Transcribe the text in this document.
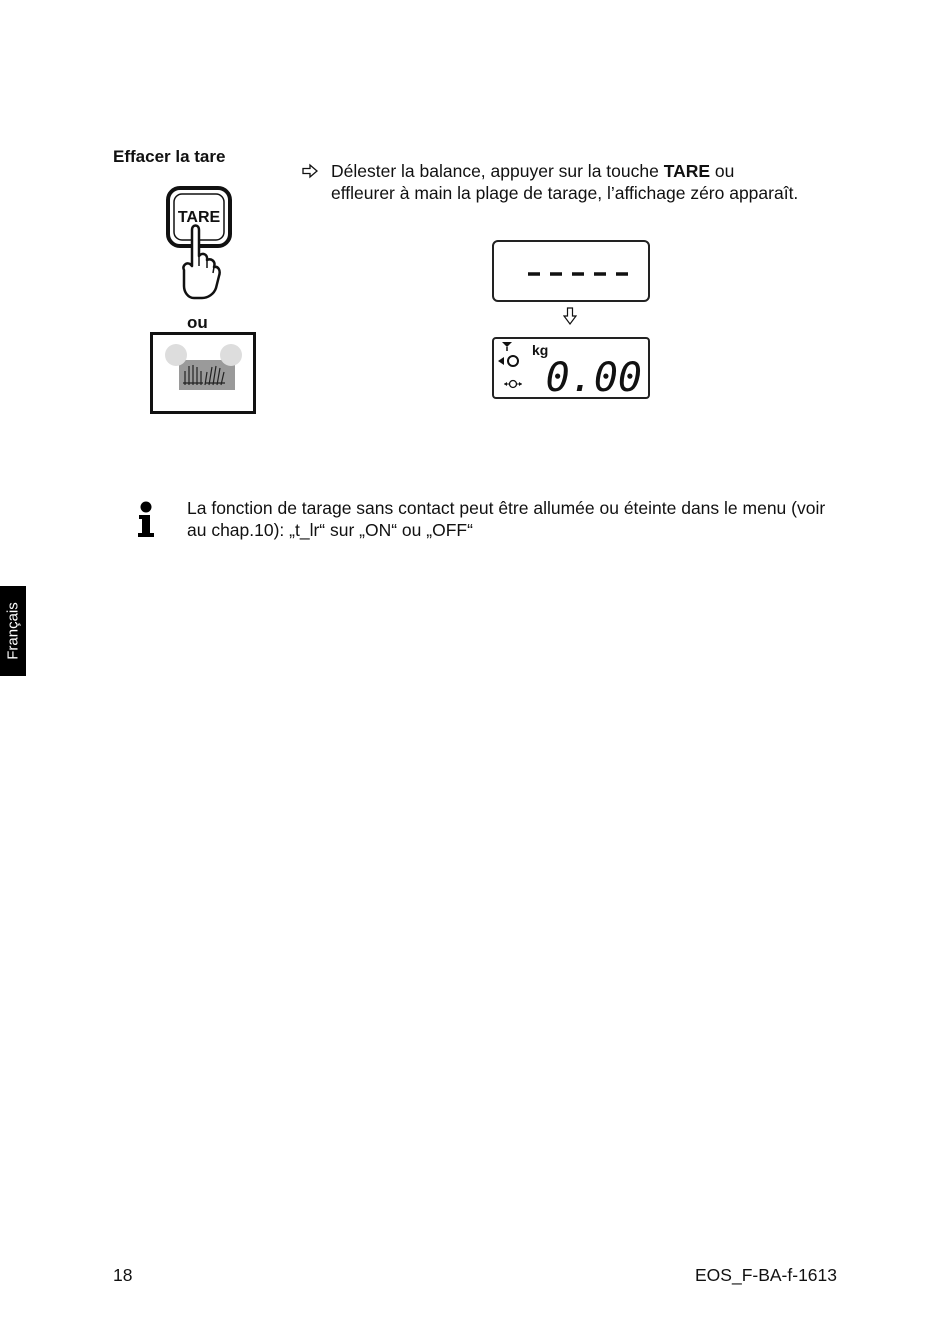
Effacer la tare
Délester la balance, appuyer sur la touche TARE ou effleurer à main la plage de tarage, l’affichage zéro apparaît.
TARE
ou
kg
0.00
La fonction de tarage sans contact peut être allumée ou éteinte dans le menu (voir au chap.10): „t_lr“ sur „ON“ ou „OFF“
Français
18	EOS_F-BA-f-1613
